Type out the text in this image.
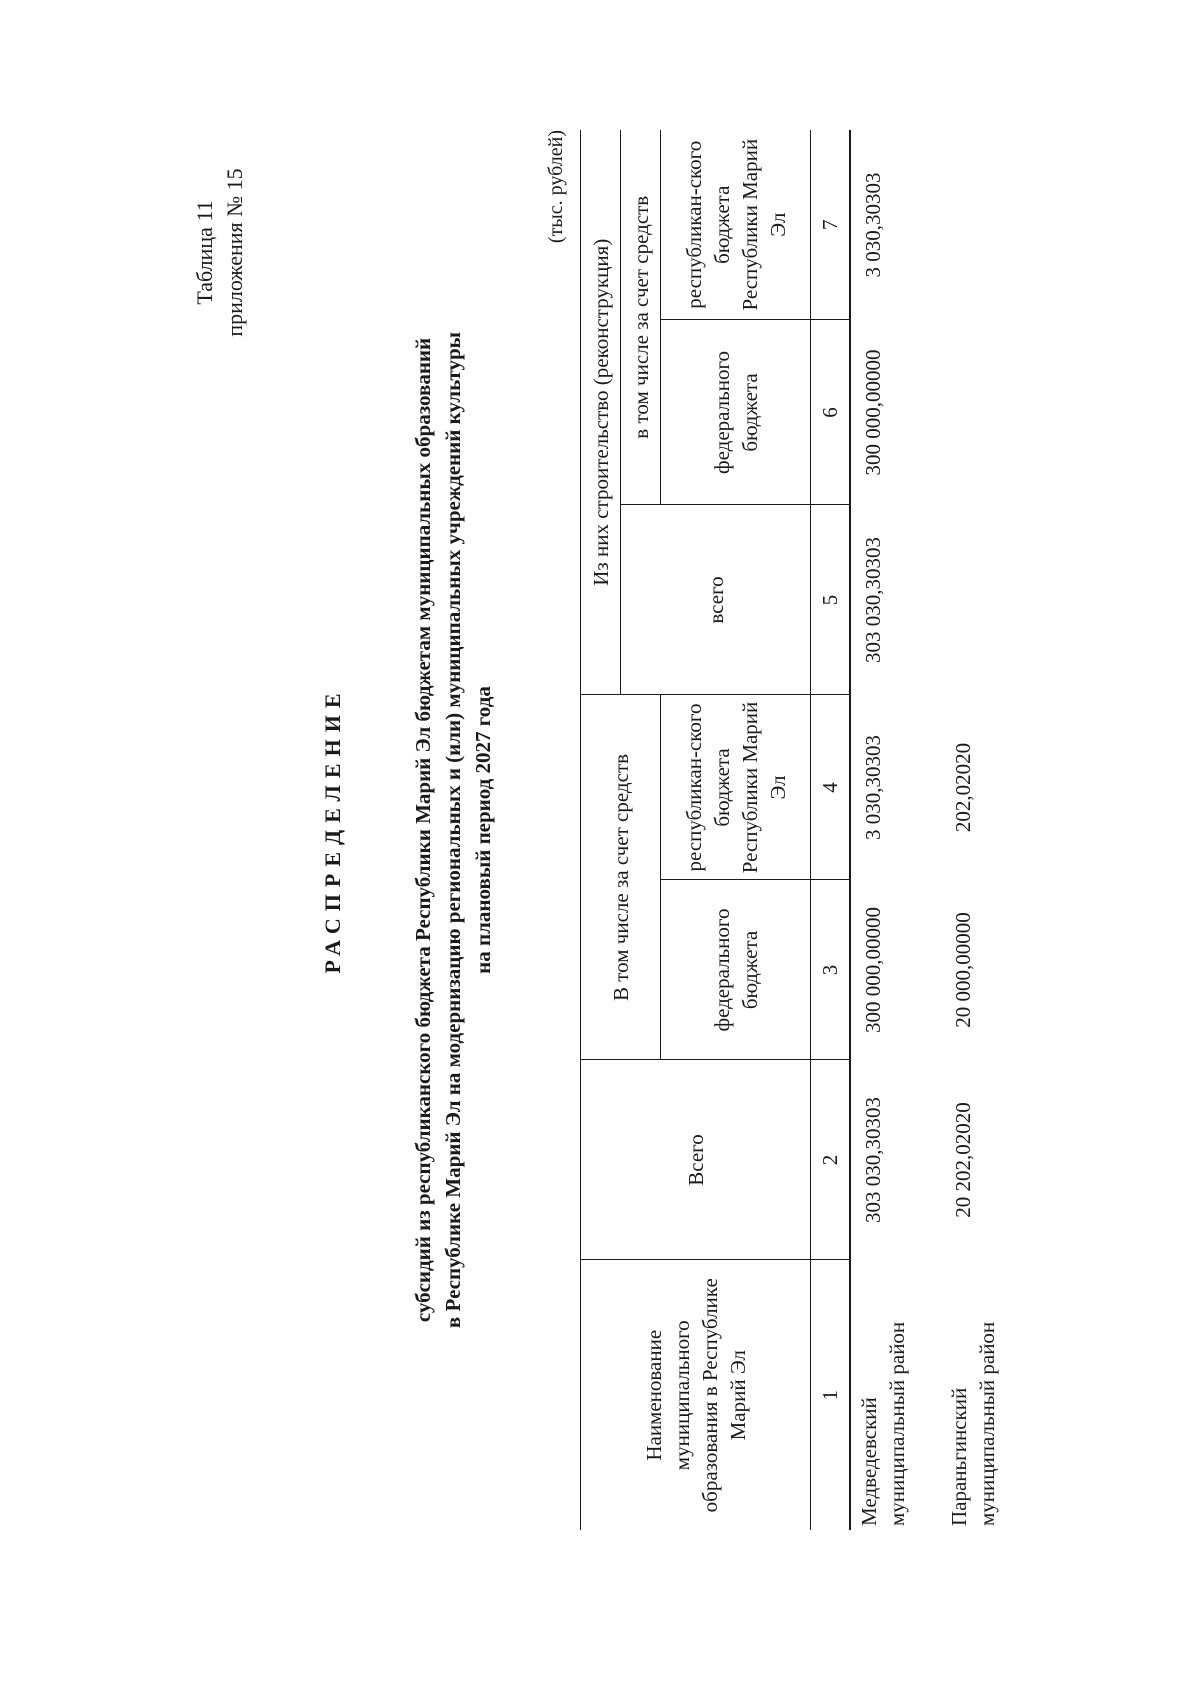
Таблица 11 приложения № 15
РАСПРЕДЕЛЕНИЕ	субсидий из республиканского бюджета Республики Марий Эл бюджетам муниципальных образований в Республике Марий Эл на модернизацию региональных и (или) муниципальных учреждений культуры на плановый период 2027 года
(тыс. рублей)
Наименование муниципального образования в Республике Марий Эл	Всего	В том числе за счет средств		Из них строительство (реконструкция)		
				всего	в том числе за счет средств	
		федерального бюджета	республикан-ского бюджета Республики Марий Эл		федерального бюджета	республикан-ского бюджета Республики Марий Эл
1	2	3	4	5	6	7
Медведевский муниципальный район	303 030,30303	300 000,00000	3 030,30303	303 030,30303	300 000,00000	3 030,30303
Параньгинский муниципальный район	20 202,02020	20 000,00000	202,02020			
